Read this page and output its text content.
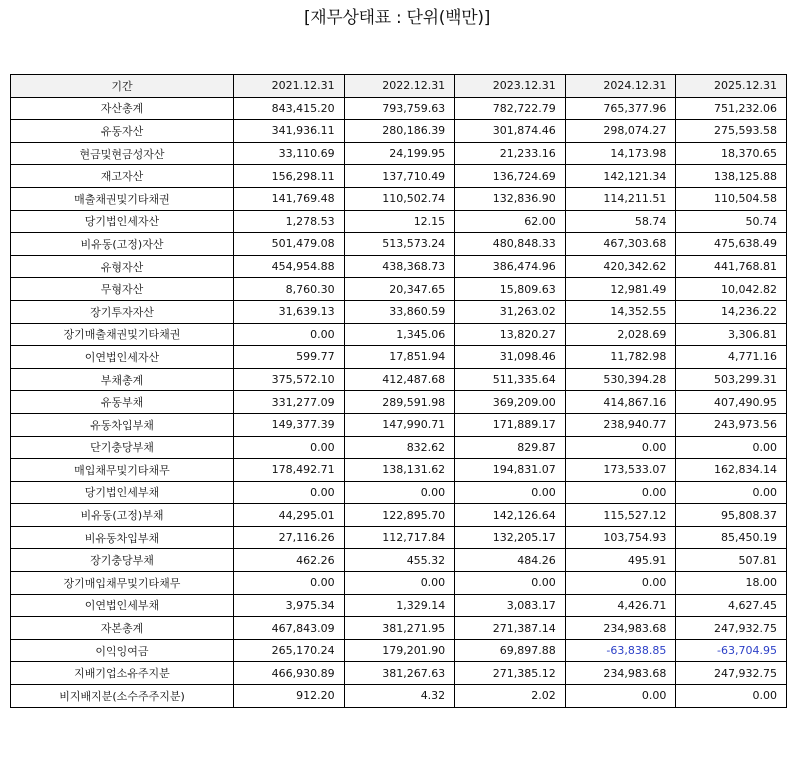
[재무상태표 : 단위(백만)]
기간	2021.12.31	2022.12.31	2023.12.31	2024.12.31	2025.12.31
자산총계	843,415.20	793,759.63	782,722.79	765,377.96	751,232.06
유동자산	341,936.11	280,186.39	301,874.46	298,074.27	275,593.58
현금및현금성자산	33,110.69	24,199.95	21,233.16	14,173.98	18,370.65
재고자산	156,298.11	137,710.49	136,724.69	142,121.34	138,125.88
매출채권및기타채권	141,769.48	110,502.74	132,836.90	114,211.51	110,504.58
당기법인세자산	1,278.53	12.15	62.00	58.74	50.74
비유동(고정)자산	501,479.08	513,573.24	480,848.33	467,303.68	475,638.49
유형자산	454,954.88	438,368.73	386,474.96	420,342.62	441,768.81
무형자산	8,760.30	20,347.65	15,809.63	12,981.49	10,042.82
장기투자자산	31,639.13	33,860.59	31,263.02	14,352.55	14,236.22
장기매출채권및기타채권	0.00	1,345.06	13,820.27	2,028.69	3,306.81
이연법인세자산	599.77	17,851.94	31,098.46	11,782.98	4,771.16
부채총계	375,572.10	412,487.68	511,335.64	530,394.28	503,299.31
유동부채	331,277.09	289,591.98	369,209.00	414,867.16	407,490.95
유동차입부채	149,377.39	147,990.71	171,889.17	238,940.77	243,973.56
단기충당부채	0.00	832.62	829.87	0.00	0.00
매입채무및기타채무	178,492.71	138,131.62	194,831.07	173,533.07	162,834.14
당기법인세부채	0.00	0.00	0.00	0.00	0.00
비유동(고정)부채	44,295.01	122,895.70	142,126.64	115,527.12	95,808.37
비유동차입부채	27,116.26	112,717.84	132,205.17	103,754.93	85,450.19
장기충당부채	462.26	455.32	484.26	495.91	507.81
장기매입채무및기타채무	0.00	0.00	0.00	0.00	18.00
이연법인세부채	3,975.34	1,329.14	3,083.17	4,426.71	4,627.45
자본총계	467,843.09	381,271.95	271,387.14	234,983.68	247,932.75
이익잉여금	265,170.24	179,201.90	69,897.88	-63,838.85	-63,704.95
지배기업소유주지분	466,930.89	381,267.63	271,385.12	234,983.68	247,932.75
비지배지분(소수주주지분)	912.20	4.32	2.02	0.00	0.00
